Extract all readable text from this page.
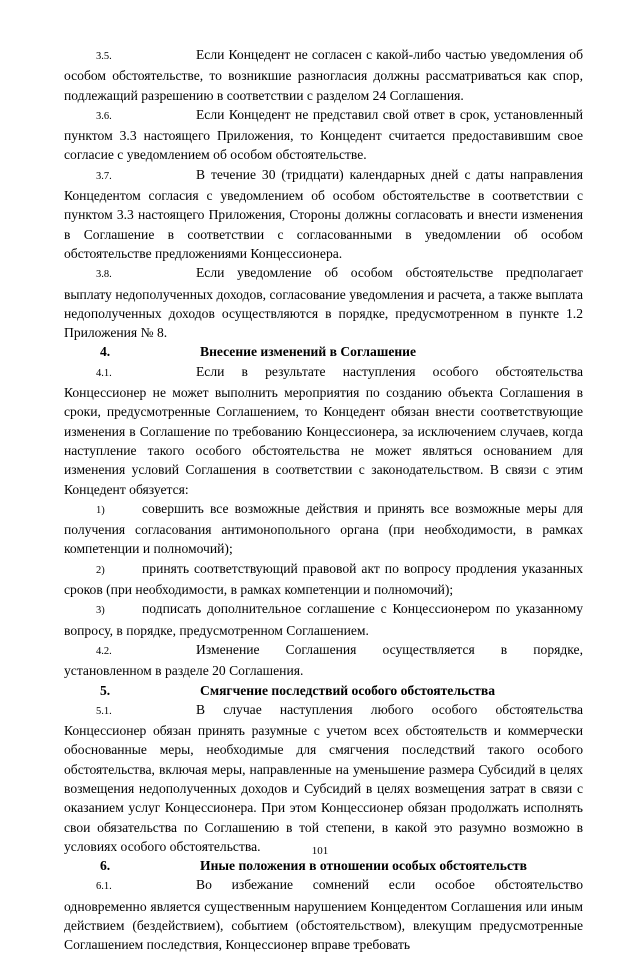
3.5.	Если Концедент не согласен с какой-либо частью уведомления об особом обстоятельстве, то возникшие разногласия должны рассматриваться как спор, подлежащий разрешению в соответствии с разделом 24 Соглашения.

3.6.	Если Концедент не представил свой ответ в срок, установленный пунктом 3.3 настоящего Приложения, то Концедент считается предоставившим свое согласие с уведомлением об особом обстоятельстве.

3.7.	В течение 30 (тридцати) календарных дней с даты направления Концедентом согласия с уведомлением об особом обстоятельстве в соответствии с пунктом 3.3 настоящего Приложения, Стороны должны согласовать и внести изменения в Соглашение в соответствии с согласованными в уведомлении об особом обстоятельстве предложениями Концессионера.

3.8.	Если уведомление об особом обстоятельстве предполагает выплату недополученных доходов, согласование уведомления и расчета, а также выплата недополученных доходов осуществляются в порядке, предусмотренном в пункте 1.2 Приложения № 8.

4.	Внесение изменений в Соглашение

4.1.	Если в результате наступления особого обстоятельства Концессионер не может выполнить мероприятия по созданию объекта Соглашения в сроки, предусмотренные Соглашением, то Концедент обязан внести соответствующие изменения в Соглашение по требованию Концессионера, за исключением случаев, когда наступление такого особого обстоятельства не может являться основанием для изменения условий Соглашения в соответствии с законодательством. В связи с этим Концедент обязуется:

1)	совершить все возможные действия и принять все возможные меры для получения согласования антимонопольного органа (при необходимости, в рамках компетенции и полномочий);

2)	принять соответствующий правовой акт по вопросу продления указанных сроков (при необходимости, в рамках компетенции и полномочий);

3)	подписать дополнительное соглашение с Концессионером по указанному вопросу, в порядке, предусмотренном Соглашением.

4.2.	Изменение Соглашения осуществляется в порядке, установленном в разделе 20 Соглашения.

5.	Смягчение последствий особого обстоятельства

5.1.	В случае наступления любого особого обстоятельства Концессионер обязан принять разумные с учетом всех обстоятельств и коммерчески обоснованные меры, необходимые для смягчения последствий такого особого обстоятельства, включая меры, направленные на уменьшение размера Субсидий в целях возмещения недополученных доходов и Субсидий в целях возмещения затрат в связи с оказанием услуг Концессионера. При этом Концессионер обязан продолжать исполнять свои обязательства по Соглашению в той степени, в какой это разумно возможно в условиях особого обстоятельства.

6.	Иные положения в отношении особых обстоятельств

6.1.	Во избежание сомнений если особое обстоятельство одновременно является существенным нарушением Концедентом Соглашения или иным действием (бездействием), событием (обстоятельством), влекущим предусмотренные Соглашением последствия, Концессионер вправе требовать

101
